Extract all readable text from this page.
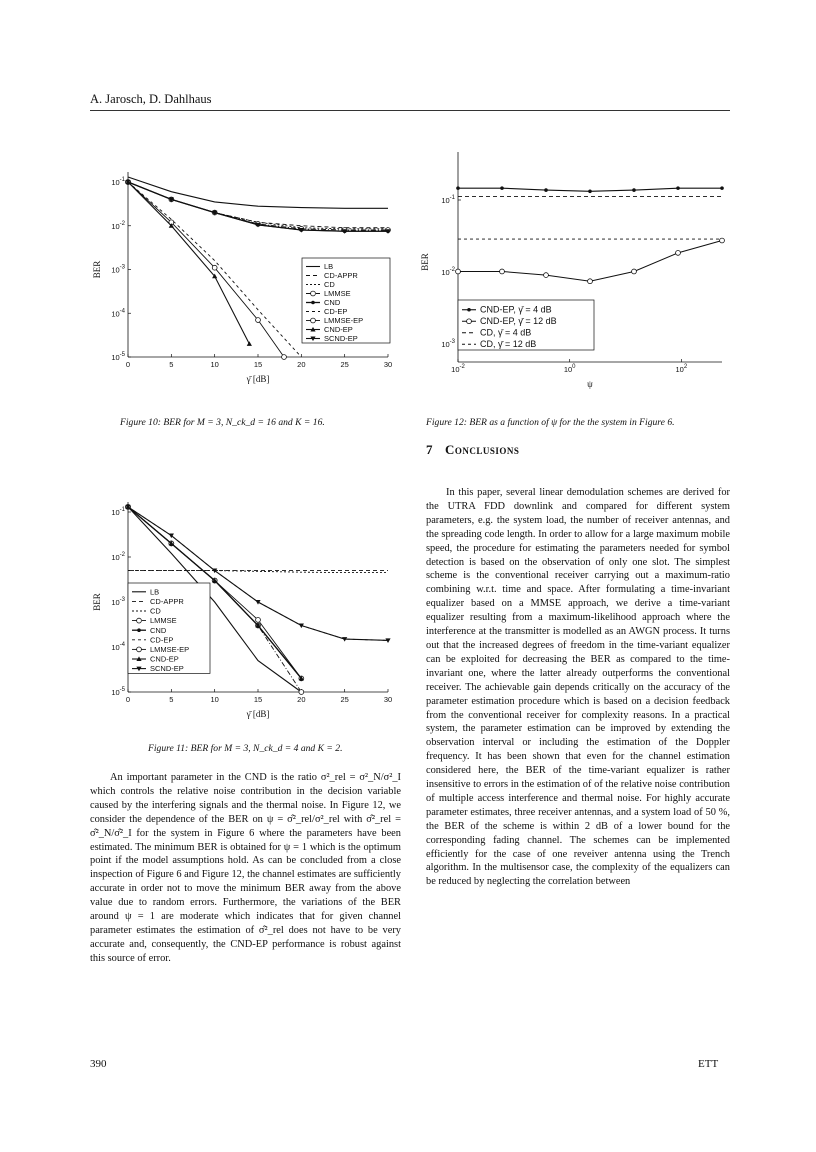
A. Jarosch, D. Dahlhaus
0	5	10	15	20	25	30
$10^{-1}$
$10^{-2}$
$10^{-3}$
$10^{-4}$
$10^{-5}$
γ̄ [dB]
BER	LB
CD-APPR
CD
LMMSE
CND
CD-EP
LMMSE-EP
CND-EP
SCND-EP
Figure 10: BER for M = 3, N_ck_d = 16 and K = 16.
$10^{-2}$	$10^0$	$10^2$
$10^{-1}$
$10^{-2}$
$10^{-3}$
ψ
BER
CND-EP, γ̄ = 4 dB
CND-EP, γ̄ = 12 dB
CD, γ̄ = 4 dB
CD, γ̄ = 12 dB
Figure 12: BER as a function of ψ for the the system in Figure 6.
7 Conclusions
0	5	10	15	20	25	30
$10^{-1}$
$10^{-2}$
$10^{-3}$
$10^{-4}$
$10^{-5}$
γ̄ [dB]
BER
LB
CD-APPR
CD
LMMSE
CND
CD-EP
LMMSE-EP
CND-EP
SCND-EP
Figure 11: BER for M = 3, N_ck_d = 4 and K = 2.

An important parameter in the CND is the ratio σ²_rel = σ²_N/σ²_I which controls the relative noise contribution in the decision variable caused by the interfering signals and the thermal noise. In Figure 12, we consider the dependence of the BER on ψ = σ̂²_rel/σ²_rel with σ̂²_rel = σ̂²_N/σ̂²_I for the system in Figure 6 where the parameters have been estimated. The minimum BER is obtained for ψ = 1 which is the optimum point if the model assumptions hold. As can be concluded from a close inspection of Figure 6 and Figure 12, the channel estimates are sufficiently accurate in order not to move the minimum BER away from the above value due to random errors. Furthermore, the variations of the BER around ψ = 1 are moderate which indicates that for given channel parameter estimates the estimation of σ̂²_rel does not have to be very accurate and, consequently, the CND-EP performance is robust against this source of error.

In this paper, several linear demodulation schemes are derived for the UTRA FDD downlink and compared for different system parameters, e.g. the system load, the number of receiver antennas, and the spreading code length. In order to allow for a large maximum mobile speed, the procedure for estimating the parameters needed for symbol detection is based on the observation of only one slot. The simplest scheme is the conventional receiver carrying out a maximum-ratio combining w.r.t. time and space. After formulating a time-invariant equalizer based on a MMSE approach, we derive a time-variant equalizer resulting from a maximum-likelihood approach where the interference at the transmitter is modelled as an AWGN process. It turns out that the increased degrees of freedom in the time-variant equalizer can be exploited for decreasing the BER as compared to the time-invariant one, where the latter already outperforms the conventional receiver. The achievable gain depends critically on the accuracy of the parameter estimation procedure which is based on a decision feedback from the conventional receiver for complexity reasons. In a practical system, the parameter estimation can be improved by extending the observation interval or including the estimation of the Doppler frequency. It has been shown that even for the channel estimation considered here, the BER of the time-variant equalizer is rather insensitive to errors in the estimation of of the relative noise contribution of multiple access interference and thermal noise. For highly accurate parameter estimates, three receiver antennas, and a system load of 50 %, the BER of the scheme is within 2 dB of a lower bound for the corresponding fading channel. The schemes can be implemented efficiently for the case of one reveiver antenna using the Trench algorithm. In the multisensor case, the complexity of the equalizers can be reduced by neglecting the correlation between

390	ETT
